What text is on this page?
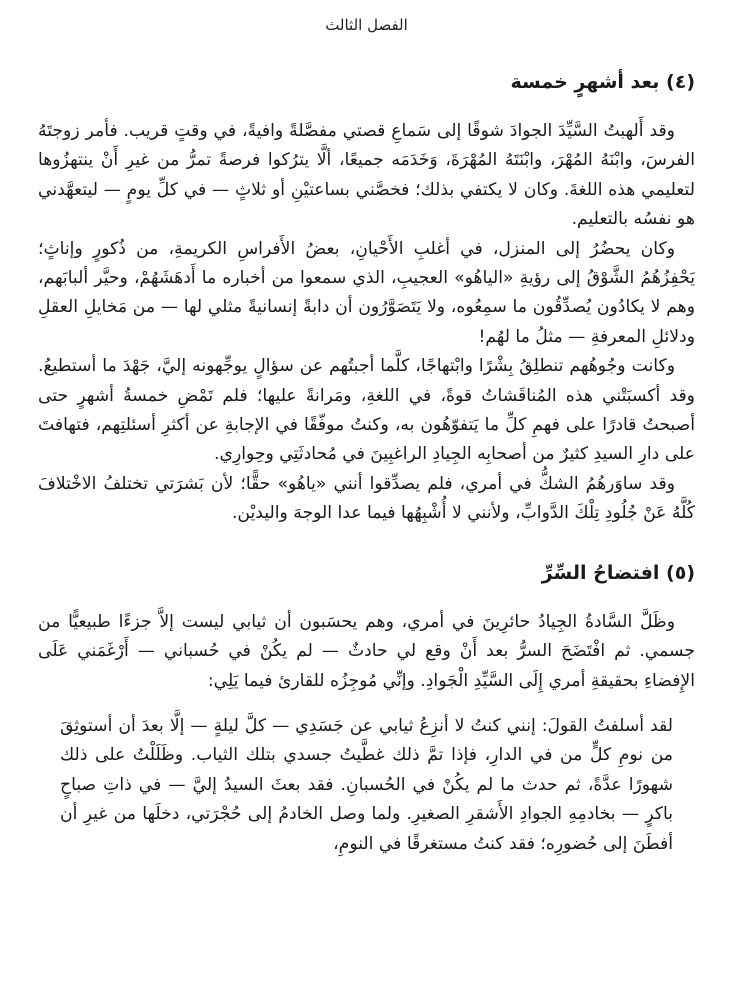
الفصل الثالث
(٤) بعد أشهرٍ خمسة

وقد أَلهبتُ السَّيِّدَ الجوادَ شوقًا إلى سَماعِ قصتي مفصَّلةً وافيةً، في وقتٍ قريب. فأمر زوجتَهُ الفرسَ، وابْنَهُ المُهْرَ، وابْنَتَهُ المُهْرَةَ، وَخَدَمَه جميعًا، ألَّا يترُكوا فرصةً تمرُّ من غيرِ أَنْ ينتهزُوها لتعليمي هذه اللغةَ. وكان لا يكتفي بذلك؛ فخصَّني بساعتيْنِ أو ثلاثٍ — في كلِّ يومٍ — ليتعهَّدني هو نفسُه بالتعليم.

وكان يحضُرُ إلى المنزل، في أغلبِ الأَحْيانِ، بعضُ الأَفراسِ الكريمةِ، من ذُكورٍ وإناثٍ؛ يَحْفِزُهُمُ الشَّوْقُ إلى رؤيةِ «الياهُو» العجيبِ، الذي سمعوا من أخباره ما أَدهَشَهُمْ، وحيَّر ألبابَهم، وهم لا يكادُون يُصدِّقُون ما سمِعُوه، ولا يَتَصَوَّرُون أن دابةً إنسانيةً مثلي لها — من مَخايلِ العقلِ ودلائلِ المعرفةِ — مثلُ ما لهُم!

وكانت وجُوهُهم تنطلِقُ بِشْرًا وابْتهاجًا، كلَّما أجبتُهم عن سؤالٍ يوجِّهونه إليَّ، جَهْدَ ما أستطيعُ. وقد أكسبَتْني هذه المُناقَشاتُ قوةً، في اللغةِ، ومَرانةً عليها؛ فلم تَمْضِ خمسةُ أشهرٍ حتى أصبحتُ قادرًا على فهمِ كلِّ ما يَتفوّهُون به، وكنتُ موفّقًا في الإجابةِ عن أكثرِ أسئلتِهم، فتهافتَ على دارِ السيدِ كثيرٌ من أصحابِه الجِيادِ الراغبِينَ في مُحادثَتِي وحِوارِي.

وقد ساوَرهُمُ الشكُّ في أمري، فلم يصدِّقوا أنني «ياهُو» حقًّا؛ لأن بَشرَتي تختلفُ الاخْتلافَ كُلَّهُ عَنْ جُلُودِ تِلْكَ الدَّوابِّ، ولأنني لا أُشْبِهُها فيما عدا الوجهَ واليديْن.

(٥) افتضاحُ السِّرِّ

وظَلَّ السَّادةُ الجِيادُ حائرِينَ في أمري، وهم يحسَبون أن ثيابي ليست إلاَّ جزءًا طبيعيًّا من جسمي. ثم افْتَضَحَ السرُّ بعد أَنْ وقع لي حادثٌ — لم يكُنْ في حُسباني — أَرْغَمَني عَلَى الإِفضاءِ بحقيقةِ أمري إِلَى السَّيِّدِ الْجَوادِ. وإنِّي مُوجِزُه للقارئ فيما يَلِي:

لقد أسلفتُ القولَ: إنني كنتُ لا أنزِعُ ثيابي عن جَسَدِي — كلَّ ليلةٍ — إلَّا بعدَ أن أستوثِقَ من نومِ كلٍّ من في الدارِ، فإذا تمَّ ذلك غطَّيتُ جسدي بتلك الثياب. وظَلَلْتُ على ذلك شهورًا عدَّةً، ثم حدث ما لم يكُنْ في الحُسبانِ. فقد بعثَ السيدُ إليَّ — في ذاتِ صباحٍ باكرٍ — بخادمِهِ الجوادِ الأَشقرِ الصغيرِ. ولما وصل الخادمُ إلى حُجْرَتي، دخلَها من غيرِ أن أفطَنَ إلى حُضورِه؛ فقد كنتُ مستغرقًا في النومِ،
